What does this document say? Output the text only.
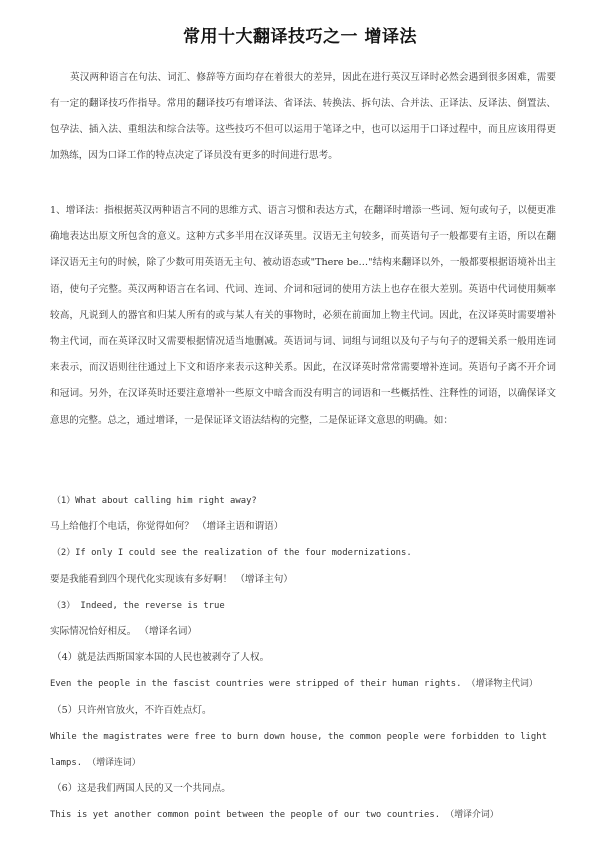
常用十大翻译技巧之一 增译法

英汉两种语言在句法、词汇、修辞等方面均存在着很大的差异，因此在进行英汉互译时必然会遇到很多困难，需要有一定的翻译技巧作指导。常用的翻译技巧有增译法、省译法、转换法、拆句法、合并法、正译法、反译法、倒置法、包孕法、插入法、重组法和综合法等。这些技巧不但可以运用于笔译之中，也可以运用于口译过程中，而且应该用得更加熟练，因为口译工作的特点决定了译员没有更多的时间进行思考。

1、增译法：指根据英汉两种语言不同的思维方式、语言习惯和表达方式，在翻译时增添一些词、短句或句子，以便更准确地表达出原文所包含的意义。这种方式多半用在汉译英里。汉语无主句较多，而英语句子一般都要有主语，所以在翻译汉语无主句的时候，除了少数可用英语无主句、被动语态或"There be…"结构来翻译以外，一般都要根据语境补出主语，使句子完整。英汉两种语言在名词、代词、连词、介词和冠词的使用方法上也存在很大差别。英语中代词使用频率较高，凡说到人的器官和归某人所有的或与某人有关的事物时，必须在前面加上物主代词。因此，在汉译英时需要增补物主代词，而在英译汉时又需要根据情况适当地删减。英语词与词、词组与词组以及句子与句子的逻辑关系一般用连词来表示，而汉语则往往通过上下文和语序来表示这种关系。因此，在汉译英时常常需要增补连词。英语句子离不开介词和冠词。另外，在汉译英时还要注意增补一些原文中暗含而没有明言的词语和一些概括性、注释性的词语，以确保译文意思的完整。总之，通过增译，一是保证译文语法结构的完整，二是保证译文意思的明确。如：

（1）What about calling him right away?
马上给他打个电话，你觉得如何？ （增译主语和谓语）
（2）If only I could see the realization of the four modernizations.
要是我能看到四个现代化实现该有多好啊！ （增译主句）
（3） Indeed, the reverse is true
实际情况恰好相反。 （增译名词）
（4）就是法西斯国家本国的人民也被剥夺了人权。
Even the people in the fascist countries were stripped of their human rights. （增译物主代词）
（5）只许州官放火，不许百姓点灯。
While the magistrates were free to burn down house, the common people were forbidden to light lamps. （增译连词）
（6）这是我们两国人民的又一个共同点。
This is yet another common point between the people of our two countries. （增译介词）
